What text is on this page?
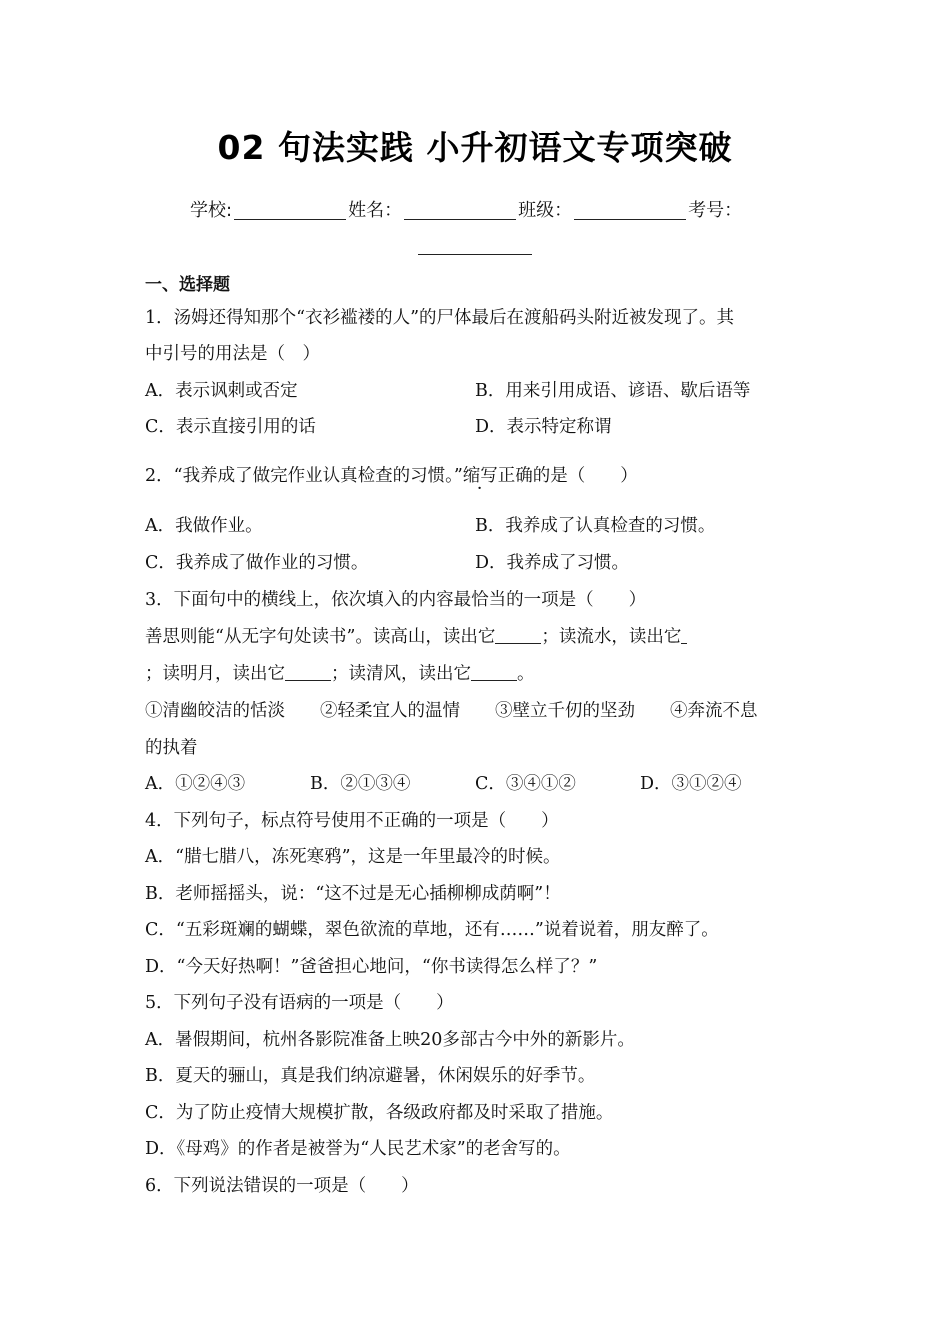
02 句法实践 小升初语文专项突破
学校:	姓名：	班级：	考号：
一、选择题
1．汤姆还得知那个“衣衫褴褛的人”的尸体最后在渡船码头附近被发现了。其
中引号的用法是（　）
A．表示讽刺或否定	B．用来引用成语、谚语、歇后语等
C．表示直接引用的话	D．表示特定称谓
2．“我养成了做完作业认真检查的习惯。”缩写正确的是（　　）
A．我做作业。	B．我养成了认真检查的习惯。
C．我养成了做作业的习惯。	D．我养成了习惯。
3．下面句中的横线上，依次填入的内容最恰当的一项是（　　）
善思则能“从无字句处读书”。读高山，读出它	；读流水，读出它
；读明月，读出它	；读清风，读出它	。
①清幽皎洁的恬淡　　②轻柔宜人的温情　　③壁立千仞的坚劲　　④奔流不息
的执着
A．①②④③	B．②①③④	C．③④①②	D．③①②④
4．下列句子，标点符号使用不正确的一项是（　　）
A．“腊七腊八，冻死寒鸦”，这是一年里最冷的时候。
B．老师摇摇头，说：“这不过是无心插柳柳成荫啊”！
C．“五彩斑斓的蝴蝶，翠色欲流的草地，还有……”说着说着，朋友醉了。
D．“今天好热啊！”爸爸担心地问，“你书读得怎么样了？”
5．下列句子没有语病的一项是（　　）
A．暑假期间，杭州各影院准备上映20多部古今中外的新影片。
B．夏天的骊山，真是我们纳凉避暑，休闲娱乐的好季节。
C．为了防止疫情大规模扩散，各级政府都及时采取了措施。
D．《母鸡》的作者是被誉为“人民艺术家”的老舍写的。
6．下列说法错误的一项是（　　）
